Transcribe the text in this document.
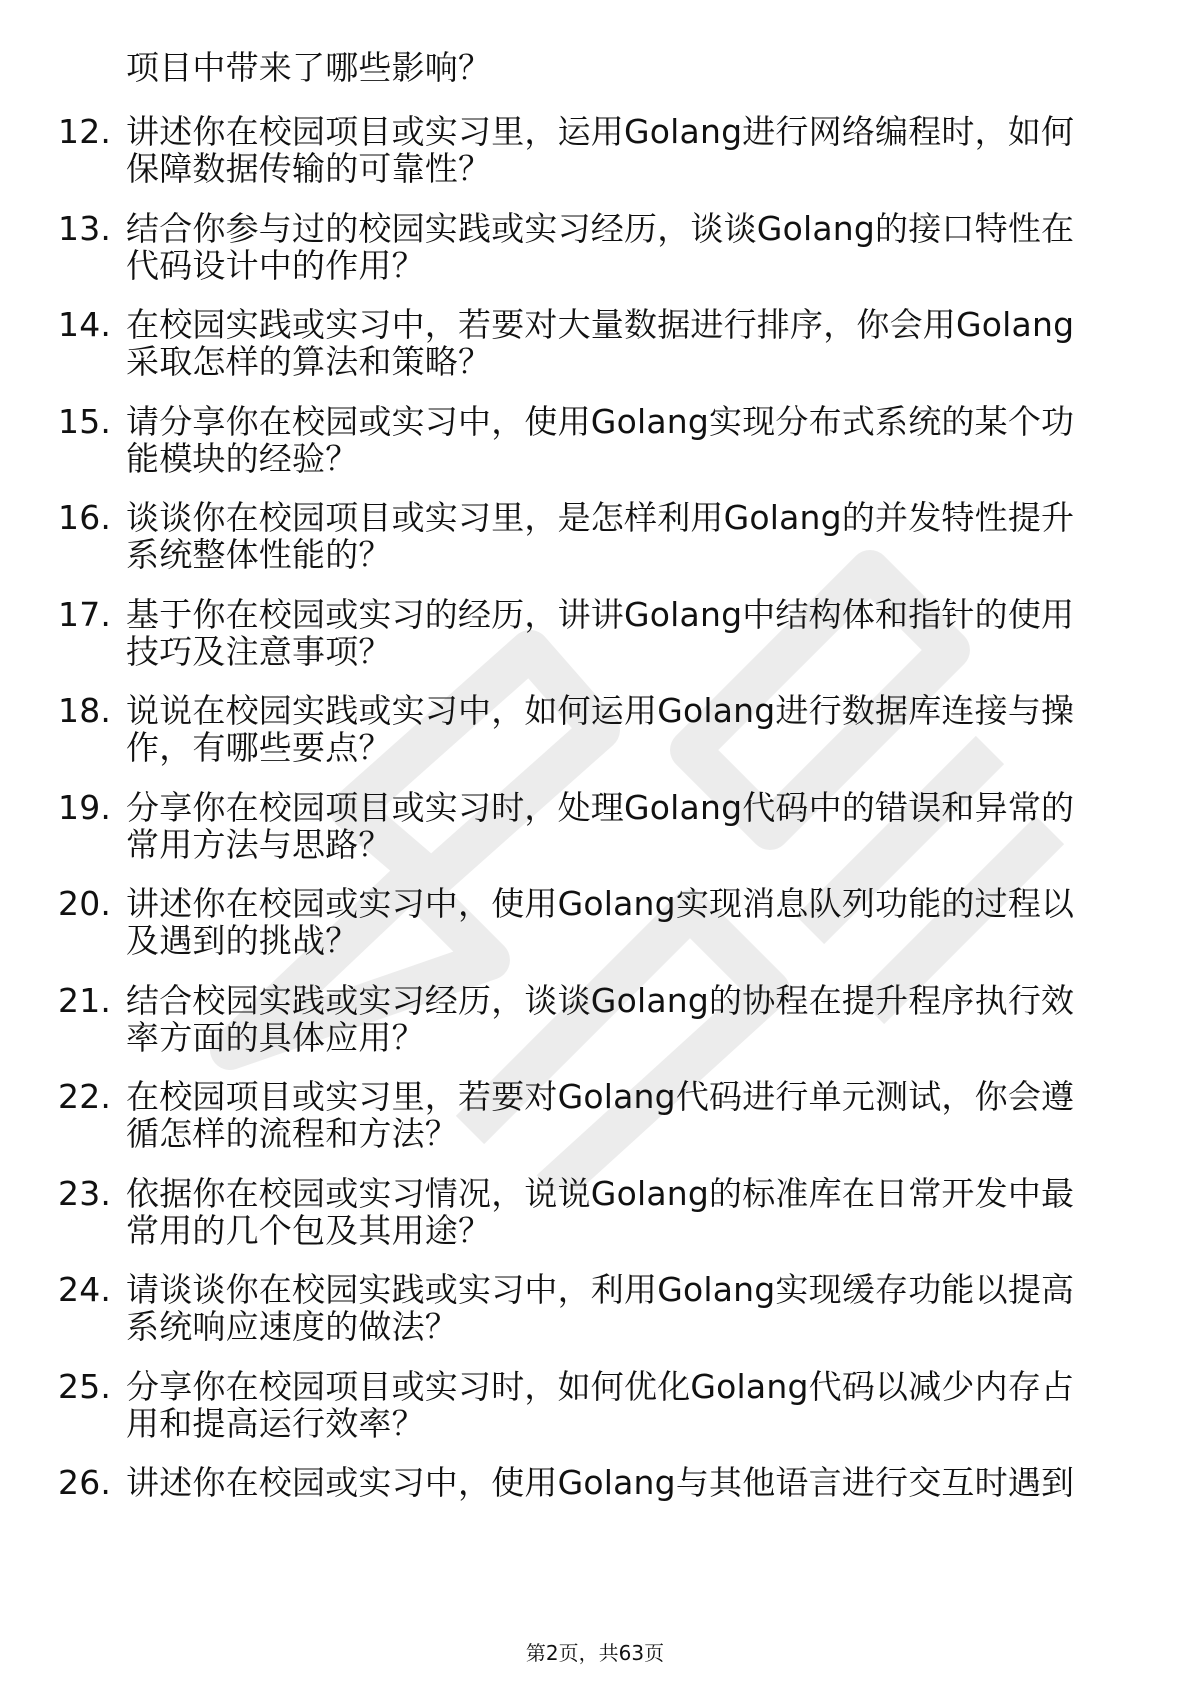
项目中带来了哪些影响？
12. 讲述你在校园项目或实习里，运用Golang进行网络编程时，如何
保障数据传输的可靠性？
13. 结合你参与过的校园实践或实习经历，谈谈Golang的接口特性在
代码设计中的作用？
14. 在校园实践或实习中，若要对大量数据进行排序，你会用Golang
采取怎样的算法和策略？
15. 请分享你在校园或实习中，使用Golang实现分布式系统的某个功
能模块的经验？
16. 谈谈你在校园项目或实习里，是怎样利用Golang的并发特性提升
系统整体性能的？
17. 基于你在校园或实习的经历，讲讲Golang中结构体和指针的使用
技巧及注意事项？
18. 说说在校园实践或实习中，如何运用Golang进行数据库连接与操
作，有哪些要点？
19. 分享你在校园项目或实习时，处理Golang代码中的错误和异常的
常用方法与思路？
20. 讲述你在校园或实习中，使用Golang实现消息队列功能的过程以
及遇到的挑战？
21. 结合校园实践或实习经历，谈谈Golang的协程在提升程序执行效
率方面的具体应用？
22. 在校园项目或实习里，若要对Golang代码进行单元测试，你会遵
循怎样的流程和方法？
23. 依据你在校园或实习情况，说说Golang的标准库在日常开发中最
常用的几个包及其用途？
24. 请谈谈你在校园实践或实习中，利用Golang实现缓存功能以提高
系统响应速度的做法？
25. 分享你在校园项目或实习时，如何优化Golang代码以减少内存占
用和提高运行效率？
26. 讲述你在校园或实习中，使用Golang与其他语言进行交互时遇到
第2页，共63页
